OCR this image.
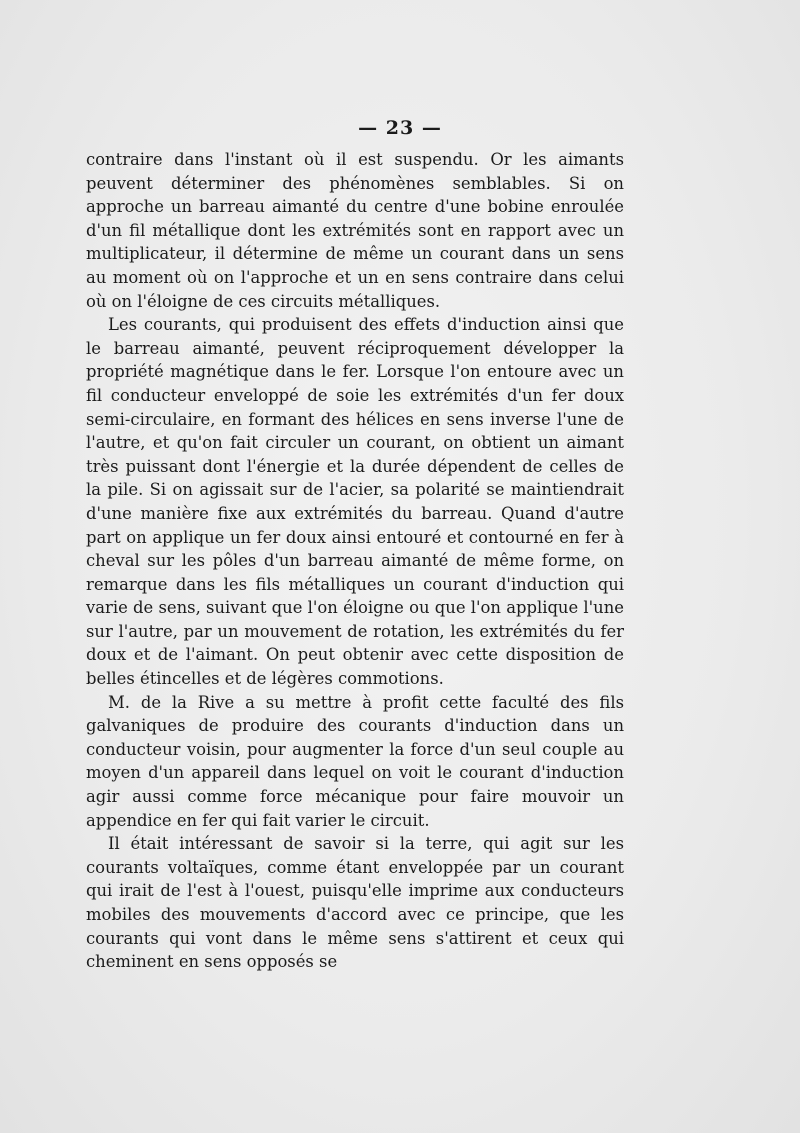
— 23 —

contraire dans l'instant où il est suspendu. Or les aimants peuvent déterminer des phénomènes semblables. Si on approche un barreau aimanté du centre d'une bobine enroulée d'un fil métallique dont les extrémités sont en rapport avec un multiplicateur, il détermine de même un courant dans un sens au moment où on l'approche et un en sens contraire dans celui où on l'éloigne de ces circuits métalliques.

Les courants, qui produisent des effets d'induction ainsi que le barreau aimanté, peuvent réciproquement développer la propriété magnétique dans le fer. Lorsque l'on entoure avec un fil conducteur enveloppé de soie les extrémités d'un fer doux semi-circulaire, en formant des hélices en sens inverse l'une de l'autre, et qu'on fait circuler un courant, on obtient un aimant très puissant dont l'énergie et la durée dépendent de celles de la pile. Si on agissait sur de l'acier, sa polarité se maintiendrait d'une manière fixe aux extrémités du barreau. Quand d'autre part on applique un fer doux ainsi entouré et contourné en fer à cheval sur les pôles d'un barreau aimanté de même forme, on remarque dans les fils métalliques un courant d'induction qui varie de sens, suivant que l'on éloigne ou que l'on applique l'une sur l'autre, par un mouvement de rotation, les extrémités du fer doux et de l'aimant. On peut obtenir avec cette disposition de belles étincelles et de légères commotions.

M. de la Rive a su mettre à profit cette faculté des fils galvaniques de produire des courants d'induction dans un conducteur voisin, pour augmenter la force d'un seul couple au moyen d'un appareil dans lequel on voit le courant d'induction agir aussi comme force mécanique pour faire mouvoir un appendice en fer qui fait varier le circuit.

Il était intéressant de savoir si la terre, qui agit sur les courants voltaïques, comme étant enveloppée par un courant qui irait de l'est à l'ouest, puisqu'elle imprime aux conducteurs mobiles des mouvements d'accord avec ce principe, que les courants qui vont dans le même sens s'attirent et ceux qui cheminent en sens opposés se
